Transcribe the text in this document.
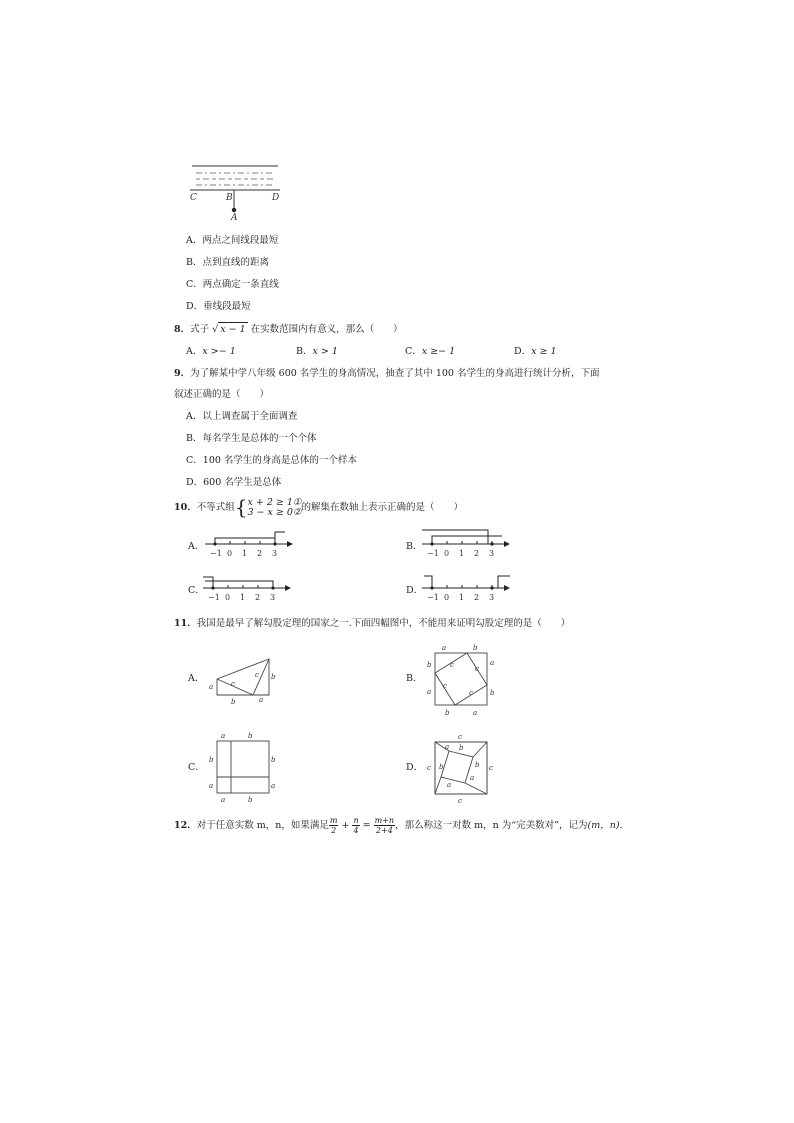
C	B	D
A
A．两点之间线段最短
B．点到直线的距离
C．两点确定一条直线
D．垂线段最短
8．式子 √ x − 1 在实数范围内有意义，那么（　　）
A．x >− 1	B．x > 1	C．x ≥− 1	D．x ≥ 1
9．为了解某中学八年级 600 名学生的身高情况，抽查了其中 100 名学生的身高进行统计分析，下面
叙述正确的是（　　）
A．以上调查属于全面调查
B．每名学生是总体的一个个体
C．100 名学生的身高是总体的一个样本
D．600 名学生是总体
10．不等式组{ x + 2 ≥ 1①
3 − x ≥ 0② 的解集在数轴上表示正确的是（　　）
A．	B．
C．	D．
−1 0 1 2 3	−1 0 1 2 3
−1 0 1 2 3	−1 0 1 2 3
11．我国是最早了解勾股定理的国家之一.下面四幅图中，不能用来证明勾股定理的是（　　）
A．	B．
C．	D．
a	c
c b
b	a
a	b
b
a
a
b
b	a
c	c
c
c
a	b
b
a
b
a
a	b
c
c	c
c
a b
b
b
a
a
12．对于任意实数 m，n，如果满足 $\frac{m}{2} + \frac{n}{4} = \frac{m+n}{2+4}$ ，那么称这一对数 m，n 为“完美数对”，记为(m，n).
